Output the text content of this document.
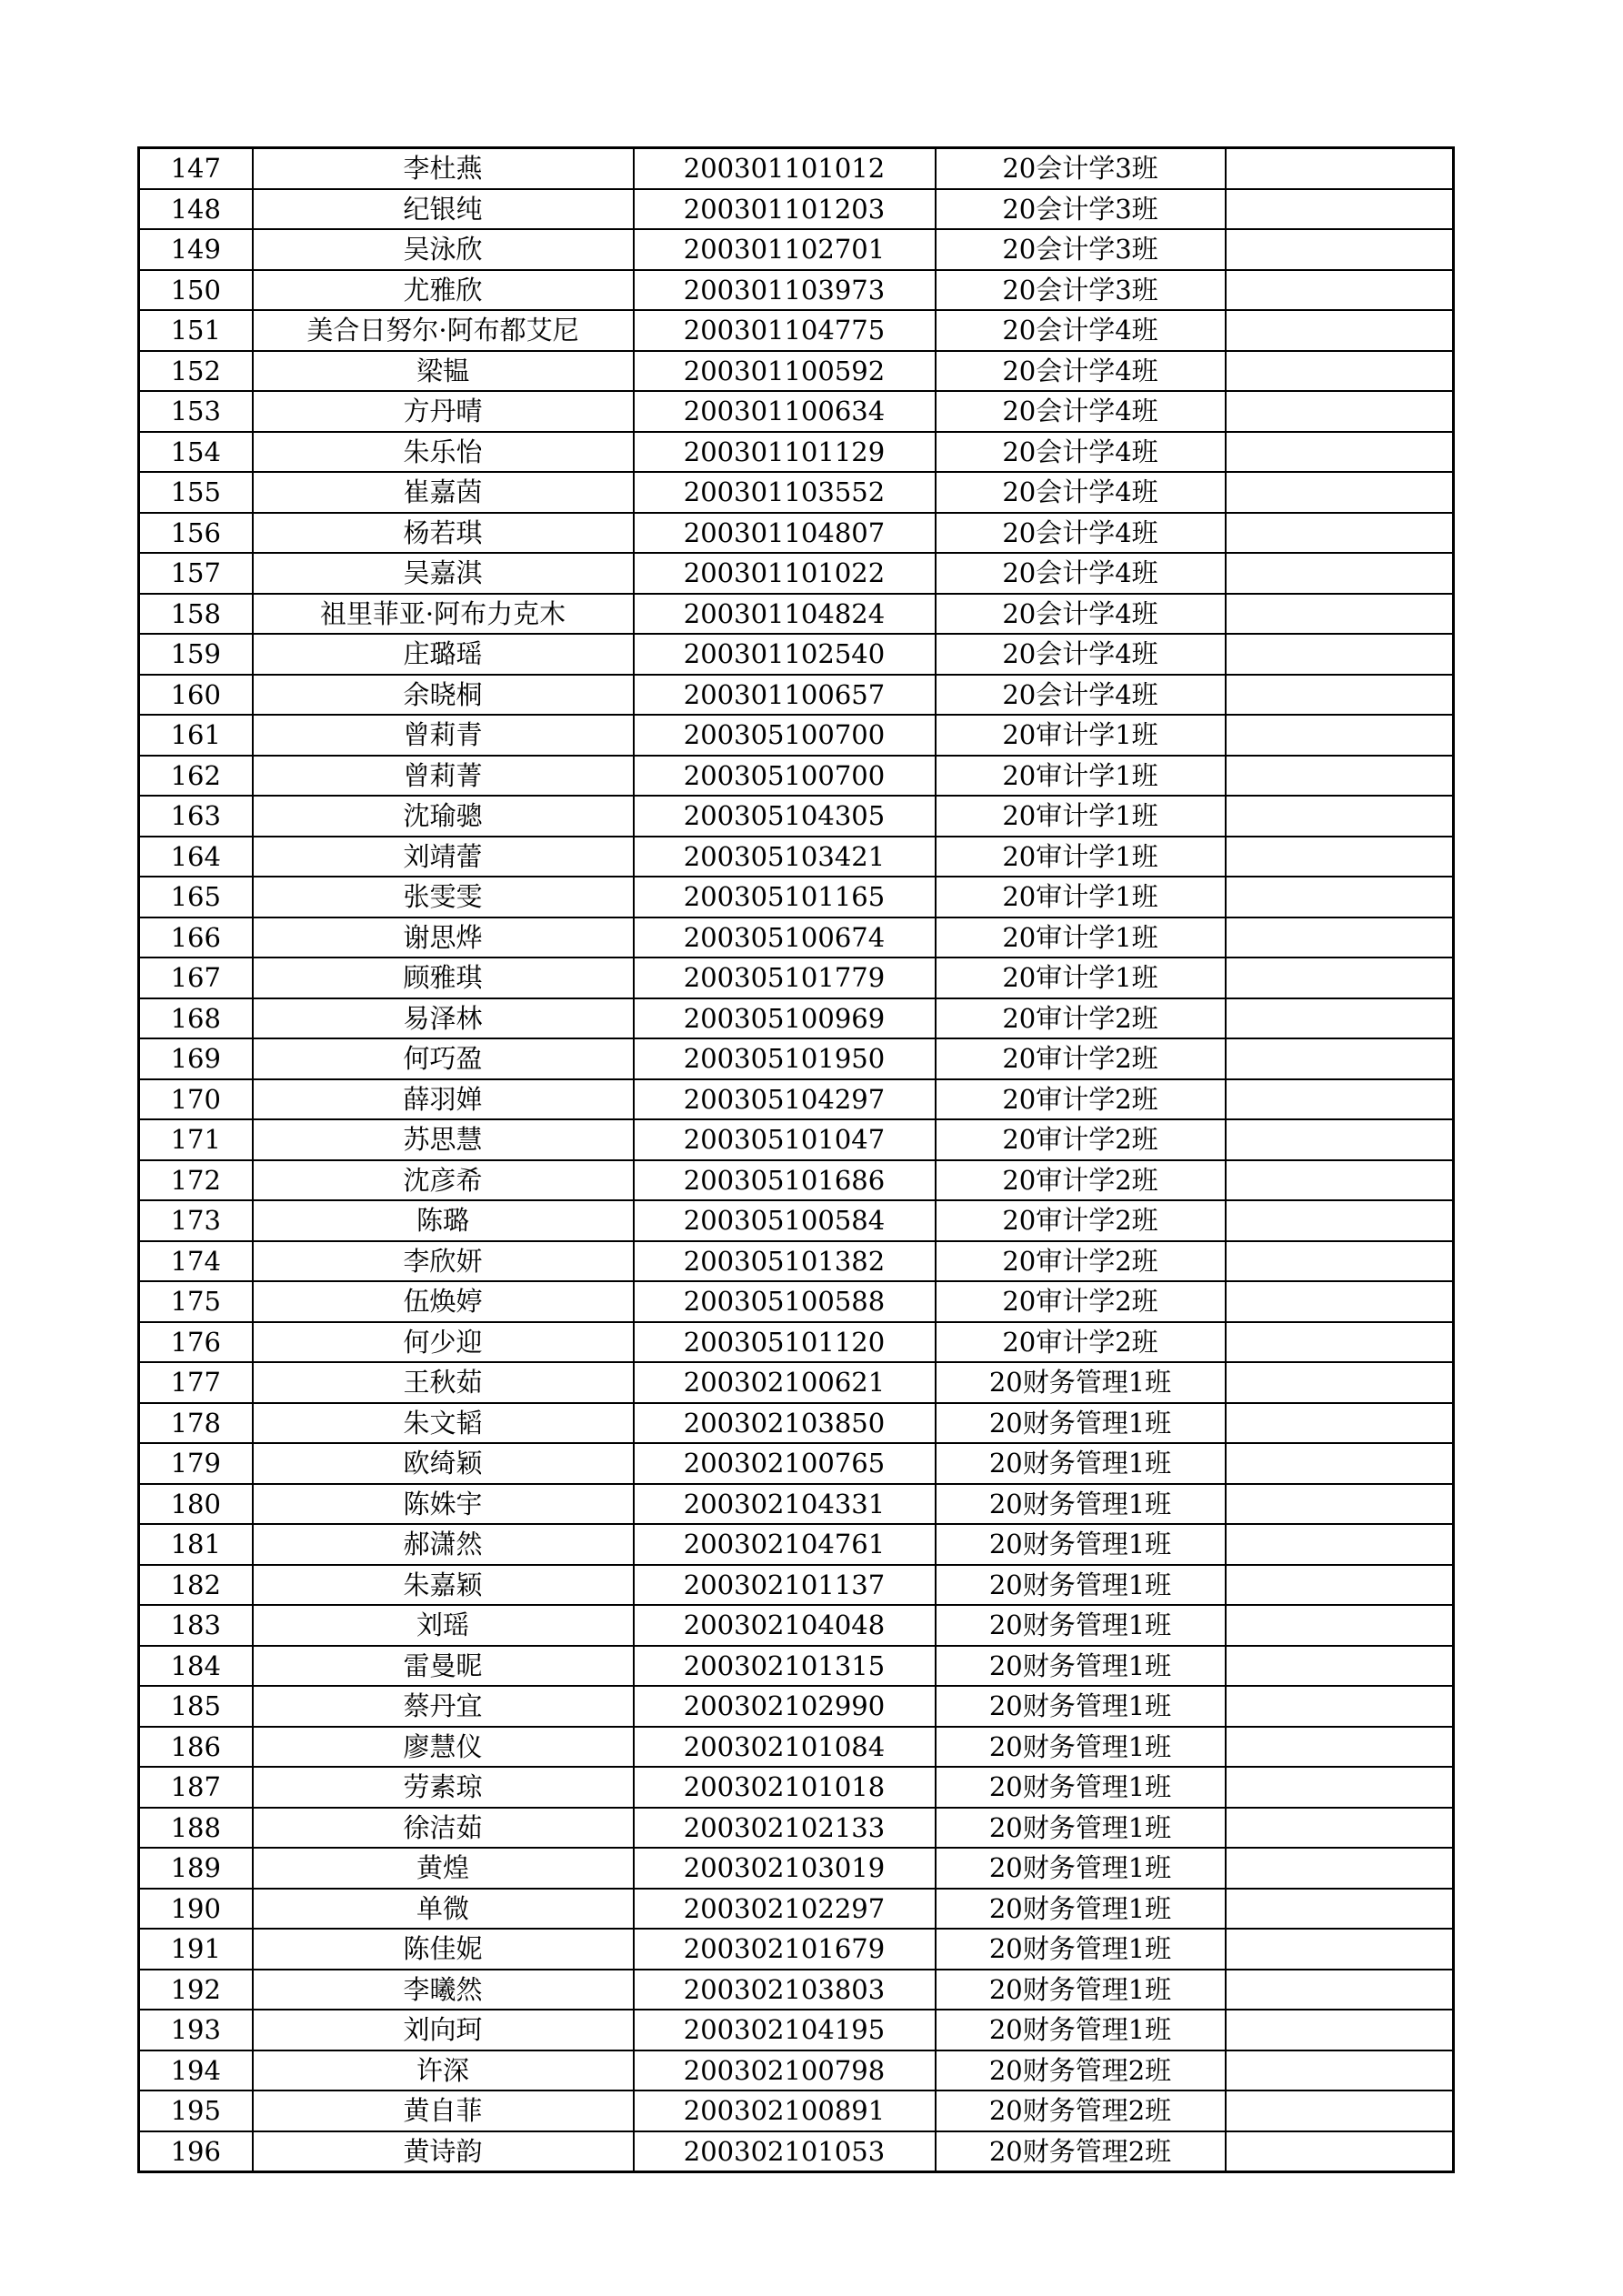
147	李杜燕	200301101012	20会计学3班	
148	纪银纯	200301101203	20会计学3班	
149	吴泳欣	200301102701	20会计学3班	
150	尤雅欣	200301103973	20会计学3班	
151	美合日努尔·阿布都艾尼	200301104775	20会计学4班	
152	梁韫	200301100592	20会计学4班	
153	方丹晴	200301100634	20会计学4班	
154	朱乐怡	200301101129	20会计学4班	
155	崔嘉茵	200301103552	20会计学4班	
156	杨若琪	200301104807	20会计学4班	
157	吴嘉淇	200301101022	20会计学4班	
158	祖里菲亚·阿布力克木	200301104824	20会计学4班	
159	庄璐瑶	200301102540	20会计学4班	
160	余晓桐	200301100657	20会计学4班	
161	曾莉青	200305100700	20审计学1班	
162	曾莉菁	200305100700	20审计学1班	
163	沈瑜骢	200305104305	20审计学1班	
164	刘靖蕾	200305103421	20审计学1班	
165	张雯雯	200305101165	20审计学1班	
166	谢思烨	200305100674	20审计学1班	
167	顾雅琪	200305101779	20审计学1班	
168	易泽林	200305100969	20审计学2班	
169	何巧盈	200305101950	20审计学2班	
170	薛羽婵	200305104297	20审计学2班	
171	苏思慧	200305101047	20审计学2班	
172	沈彦希	200305101686	20审计学2班	
173	陈璐	200305100584	20审计学2班	
174	李欣妍	200305101382	20审计学2班	
175	伍焕婷	200305100588	20审计学2班	
176	何少迎	200305101120	20审计学2班	
177	王秋茹	200302100621	20财务管理1班	
178	朱文韬	200302103850	20财务管理1班	
179	欧绮颖	200302100765	20财务管理1班	
180	陈姝宇	200302104331	20财务管理1班	
181	郝潇然	200302104761	20财务管理1班	
182	朱嘉颖	200302101137	20财务管理1班	
183	刘瑶	200302104048	20财务管理1班	
184	雷曼昵	200302101315	20财务管理1班	
185	蔡丹宜	200302102990	20财务管理1班	
186	廖慧仪	200302101084	20财务管理1班	
187	劳素琼	200302101018	20财务管理1班	
188	徐洁茹	200302102133	20财务管理1班	
189	黄煌	200302103019	20财务管理1班	
190	单微	200302102297	20财务管理1班	
191	陈佳妮	200302101679	20财务管理1班	
192	李曦然	200302103803	20财务管理1班	
193	刘向珂	200302104195	20财务管理1班	
194	许深	200302100798	20财务管理2班	
195	黄自菲	200302100891	20财务管理2班	
196	黄诗韵	200302101053	20财务管理2班	
